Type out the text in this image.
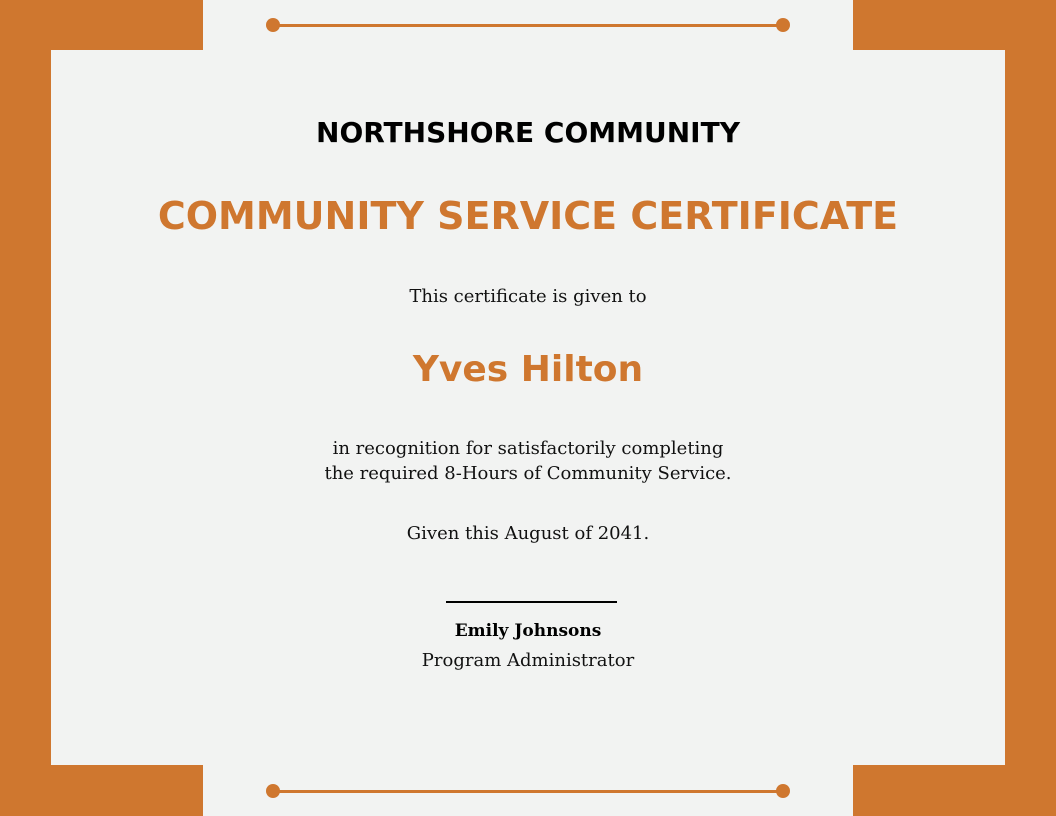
NORTHSHORE COMMUNITY
COMMUNITY SERVICE CERTIFICATE
This certificate is given to
Yves Hilton
in recognition for satisfactorily completing
the required 8-Hours of Community Service.
Given this August of 2041.
Emily Johnsons
Program Administrator
